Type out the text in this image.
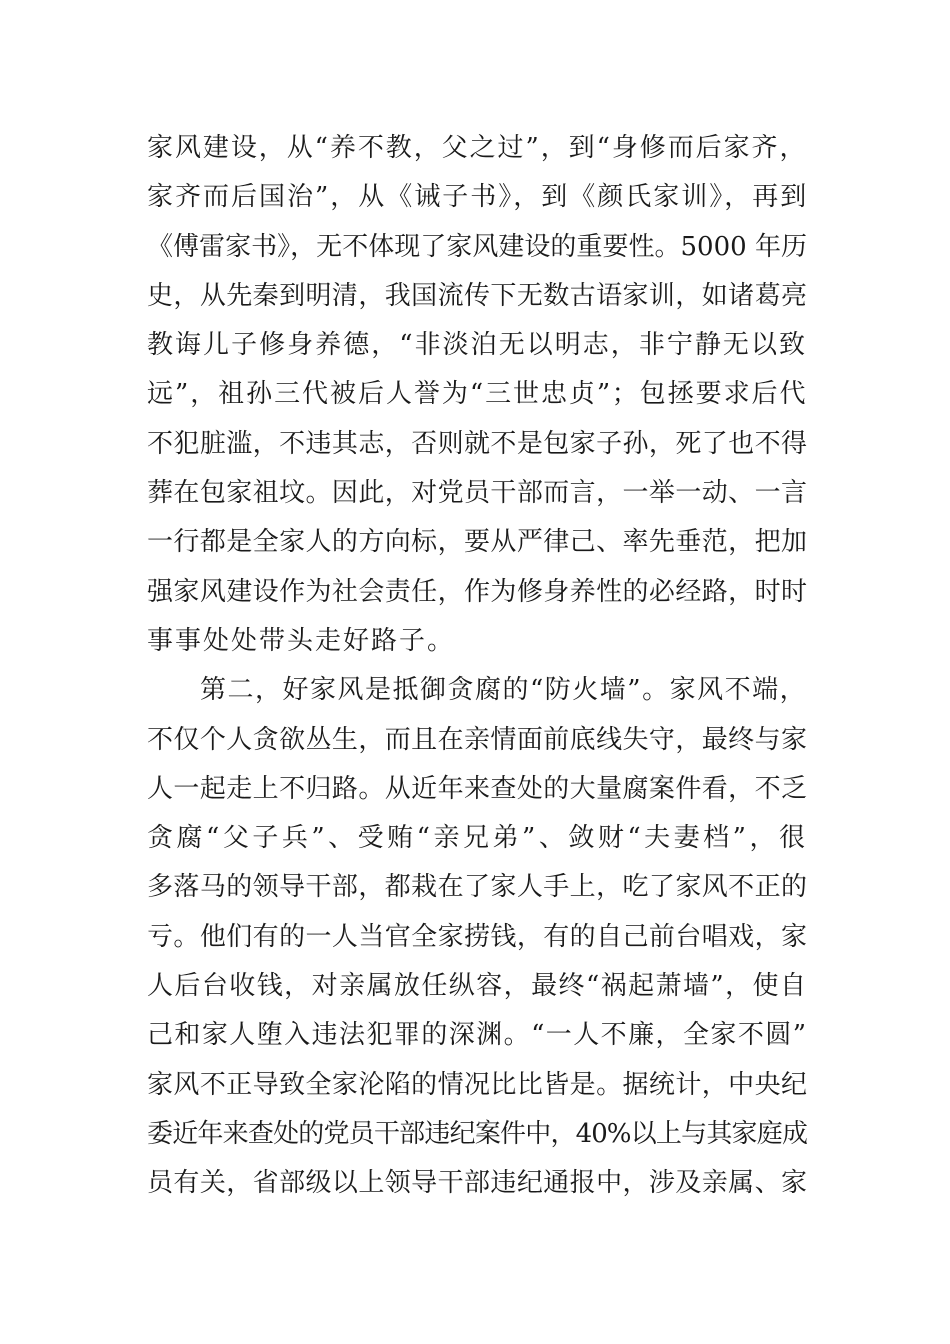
家风建设，从“养不教，父之过”，到“身修而后家齐，
家齐而后国治”，从《诫子书》，到《颜氏家训》，再到
《傅雷家书》，无不体现了家风建设的重要性。5000 年历
史，从先秦到明清，我国流传下无数古语家训，如诸葛亮
教诲儿子修身养德，“非淡泊无以明志，非宁静无以致
远”，祖孙三代被后人誉为“三世忠贞”；包拯要求后代
不犯脏滥，不违其志，否则就不是包家子孙，死了也不得
葬在包家祖坟。因此，对党员干部而言，一举一动、一言
一行都是全家人的方向标，要从严律己、率先垂范，把加
强家风建设作为社会责任，作为修身养性的必经路，时时
事事处处带头走好路子。
第二，好家风是抵御贪腐的“防火墙”。家风不端，
不仅个人贪欲丛生，而且在亲情面前底线失守，最终与家
人一起走上不归路。从近年来查处的大量腐案件看，不乏
贪腐“父子兵”、受贿“亲兄弟”、敛财“夫妻档”，很
多落马的领导干部，都栽在了家人手上，吃了家风不正的
亏。他们有的一人当官全家捞钱，有的自己前台唱戏，家
人后台收钱，对亲属放任纵容，最终“祸起萧墙”，使自
己和家人堕入违法犯罪的深渊。“一人不廉，全家不圆”
家风不正导致全家沦陷的情况比比皆是。据统计，中央纪
委近年来查处的党员干部违纪案件中，40%以上与其家庭成
员有关，省部级以上领导干部违纪通报中，涉及亲属、家
